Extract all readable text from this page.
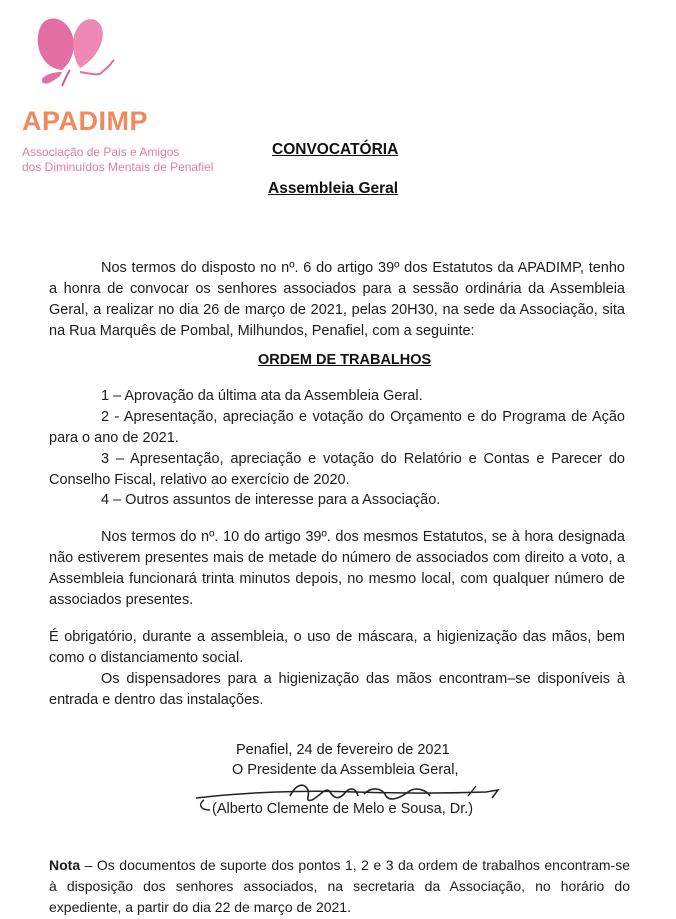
APADIMP
Associação de Pais e Amigos
dos Diminuídos Mentais de Penafiel
CONVOCATÓRIA
Assembleia Geral
Nos termos do disposto no nº. 6 do artigo 39º dos Estatutos da APADIMP, tenho a honra de convocar os senhores associados para a sessão ordinária da Assembleia Geral, a realizar no dia 26 de março de 2021, pelas 20H30, na sede da Associação, sita na Rua Marquês de Pombal, Milhundos, Penafiel, com a seguinte:
ORDEM DE TRABALHOS
1 – Aprovação da última ata da Assembleia Geral.
2 - Apresentação, apreciação e votação do Orçamento e do Programa de Ação para o ano de 2021.
3 – Apresentação, apreciação e votação do Relatório e Contas e Parecer do Conselho Fiscal, relativo ao exercício de 2020.
4 – Outros assuntos de interesse para a Associação.
Nos termos do nº. 10 do artigo 39º. dos mesmos Estatutos, se à hora designada não estiverem presentes mais de metade do número de associados com direito a voto, a Assembleia funcionará trinta minutos depois, no mesmo local, com qualquer número de associados presentes.
É obrigatório, durante a assembleia, o uso de máscara, a higienização das mãos, bem como o distanciamento social.
Os dispensadores para a higienização das mãos encontram–se disponíveis à entrada e dentro das instalações.
Penafiel, 24 de fevereiro de 2021
O Presidente da Assembleia Geral,
(Alberto Clemente de Melo e Sousa, Dr.)
Nota – Os documentos de suporte dos pontos 1, 2 e 3 da ordem de trabalhos encontram-se à disposição dos senhores associados, na secretaria da Associação, no horário do expediente, a partir do dia 22 de março de 2021.
